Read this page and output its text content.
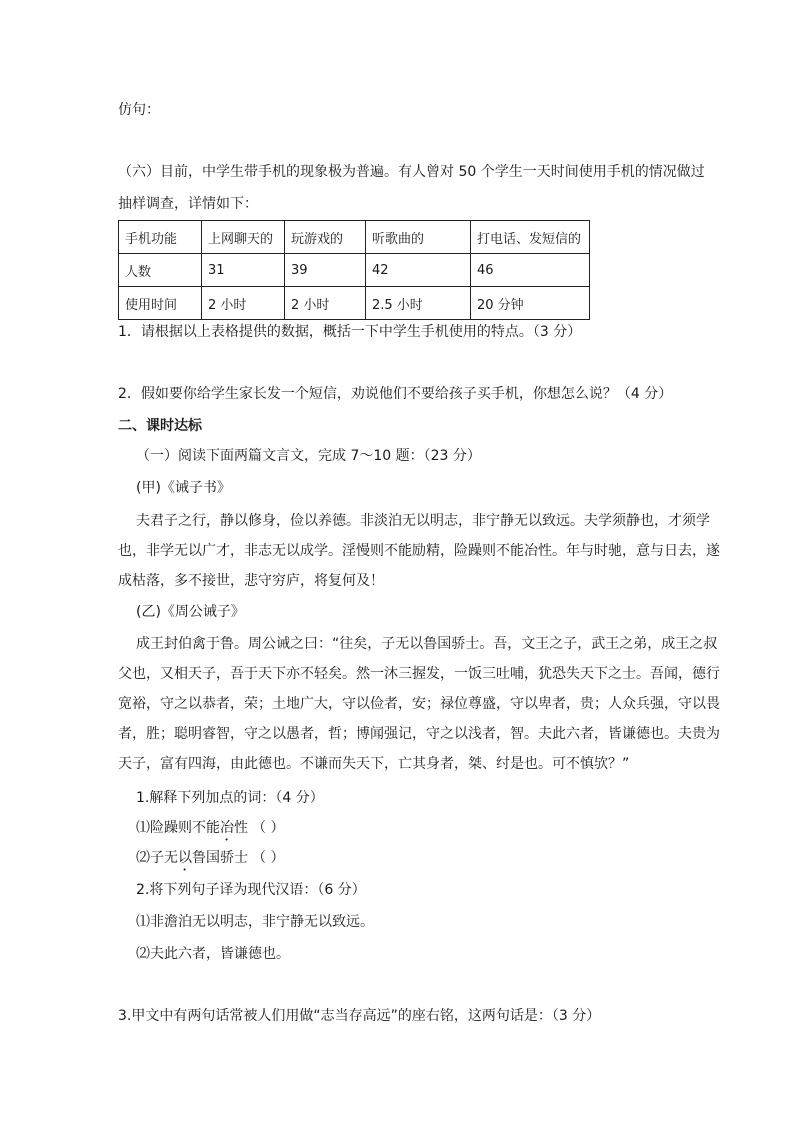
仿句：
（六）目前，中学生带手机的现象极为普遍。有人曾对 50 个学生一天时间使用手机的情况做过
抽样调查，详情如下：
手机功能	上网聊天的	玩游戏的	听歌曲的	打电话、发短信的
人数	31	39	42	46
使用时间	2 小时	2 小时	2.5 小时	20 分钟
1．请根据以上表格提供的数据，概括一下中学生手机使用的特点。（3 分）
2．假如要你给学生家长发一个短信，劝说他们不要给孩子买手机，你想怎么说？（4 分）
二、课时达标
（一）阅读下面两篇文言文，完成 7～10 题：（23 分）
(甲)《诫子书》
夫君子之行，静以修身，俭以养德。非淡泊无以明志，非宁静无以致远。夫学须静也，才须学
也，非学无以广才，非志无以成学。淫慢则不能励精，险躁则不能冶性。年与时驰，意与日去，遂
成枯落，多不接世，悲守穷庐，将复何及！
(乙)《周公诫子》
成王封伯禽于鲁。周公诫之曰：“往矣，子无以鲁国骄士。吾，文王之子，武王之弟，成王之叔
父也，又相天子，吾于天下亦不轻矣。然一沐三握发，一饭三吐哺，犹恐失天下之士。吾闻，德行
宽裕，守之以恭者，荣；土地广大，守以俭者，安；禄位尊盛，守以卑者，贵；人众兵强，守以畏
者，胜；聪明睿智，守之以愚者，哲；博闻强记，守之以浅者，智。夫此六者，皆谦德也。夫贵为
天子，富有四海，由此德也。不谦而失天下，亡其身者，桀、纣是也。可不慎欤？”
1.解释下列加点的词：（4 分）
⑴险躁则不能冶性 （ ）
⑵子无以鲁国骄士 （ ）
2.将下列句子译为现代汉语：（6 分）
⑴非澹泊无以明志，非宁静无以致远。
⑵夫此六者，皆谦德也。
3.甲文中有两句话常被人们用做“志当存高远”的座右铭，这两句话是：（3 分）
